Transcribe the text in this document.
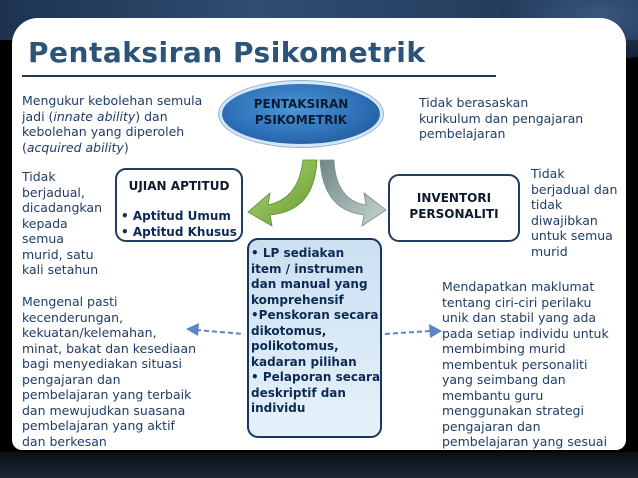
Pentaksiran Psikometrik
Mengukur kebolehan semula
jadi (innate ability) dan
kebolehan yang diperoleh
(acquired ability)
PENTAKSIRAN
PSIKOMETRIK
Tidak berasaskan
kurikulum dan pengajaran
pembelajaran
Tidak
berjadual,
dicadangkan
kepada
semua
murid, satu
kali setahun
UJIAN APTITUD
• Aptitud Umum
• Aptitud Khusus
INVENTORI
PERSONALITI
Tidak
berjadual dan
tidak
diwajibkan
untuk semua
murid
• LP sediakan
item / instrumen
dan manual yang
komprehensif
•Penskoran secara
dikotomus,
polikotomus,
kadaran pilihan
• Pelaporan secara
deskriptif dan
individu
Mengenal pasti
kecenderungan,
kekuatan/kelemahan,
minat, bakat dan kesediaan
bagi menyediakan situasi
pengajaran dan
pembelajaran yang terbaik
dan mewujudkan suasana
pembelajaran yang aktif
dan berkesan
Mendapatkan maklumat
tentang ciri-ciri perilaku
unik dan stabil yang ada
pada setiap individu untuk
membimbing murid
membentuk personaliti
yang seimbang dan
membantu guru
menggunakan strategi
pengajaran dan
pembelajaran yang sesuai
